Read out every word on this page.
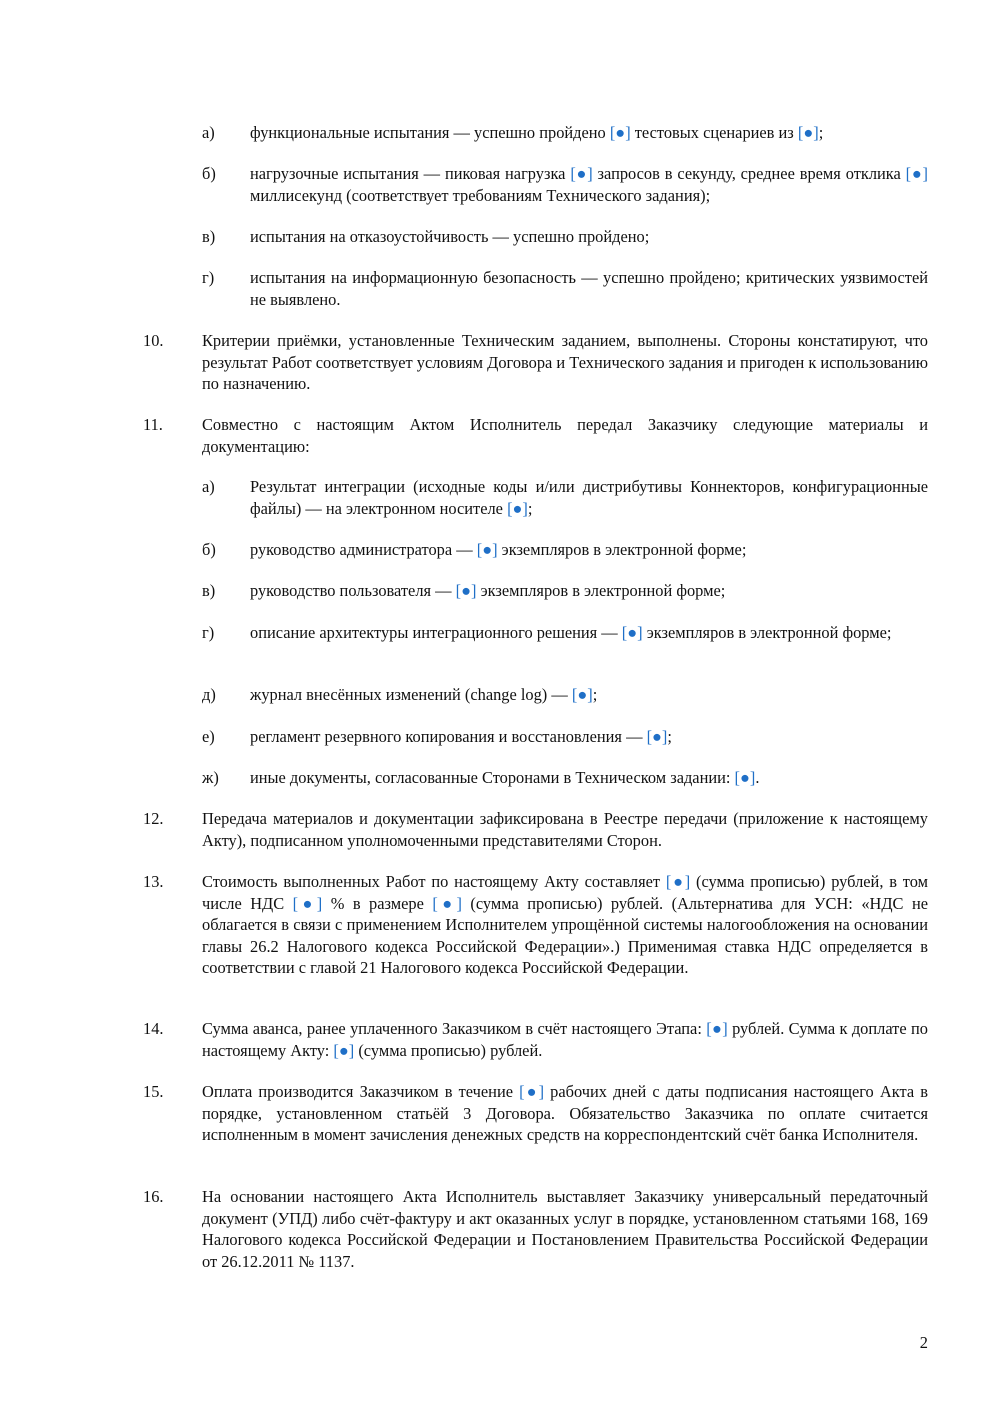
а)	функциональные испытания — успешно пройдено [●] тестовых сценариев из [●];
б)	нагрузочные испытания — пиковая нагрузка [●] запросов в секунду, среднее время отклика [●] миллисекунд (соответствует требованиям Технического задания);
в)	испытания на отказоустойчивость — успешно пройдено;
г)	испытания на информационную безопасность — успешно пройдено; критических уязвимостей не выявлено.
10.	Критерии приёмки, установленные Техническим заданием, выполнены. Стороны констатируют, что результат Работ соответствует условиям Договора и Технического задания и пригоден к использованию по назначению.
11.	Совместно с настоящим Актом Исполнитель передал Заказчику следующие материалы и документацию:
а)	Результат интеграции (исходные коды и/или дистрибутивы Коннекторов, конфигурационные файлы) — на электронном носителе [●];
б)	руководство администратора — [●] экземпляров в электронной форме;
в)	руководство пользователя — [●] экземпляров в электронной форме;
г)	описание архитектуры интеграционного решения — [●] экземпляров в электронной форме;
д)	журнал внесённых изменений (change log) — [●];
е)	регламент резервного копирования и восстановления — [●];
ж)	иные документы, согласованные Сторонами в Техническом задании: [●].
12.	Передача материалов и документации зафиксирована в Реестре передачи (приложение к настоящему Акту), подписанном уполномоченными представителями Сторон.
13.	Стоимость выполненных Работ по настоящему Акту составляет [●] (сумма прописью) рублей, в том числе НДС [●] % в размере [●] (сумма прописью) рублей. (Альтернатива для УСН: «НДС не облагается в связи с применением Исполнителем упрощённой системы налогообложения на основании главы 26.2 Налогового кодекса Российской Федерации».) Применимая ставка НДС определяется в соответствии с главой 21 Налогового кодекса Российской Федерации.
14.	Сумма аванса, ранее уплаченного Заказчиком в счёт настоящего Этапа: [●] рублей. Сумма к доплате по настоящему Акту: [●] (сумма прописью) рублей.
15.	Оплата производится Заказчиком в течение [●] рабочих дней с даты подписания настоящего Акта в порядке, установленном статьёй 3 Договора. Обязательство Заказчика по оплате считается исполненным в момент зачисления денежных средств на корреспондентский счёт банка Исполнителя.
16.	На основании настоящего Акта Исполнитель выставляет Заказчику универсальный передаточный документ (УПД) либо счёт-фактуру и акт оказанных услуг в порядке, установленном статьями 168, 169 Налогового кодекса Российской Федерации и Постановлением Правительства Российской Федерации от 26.12.2011 № 1137.
2
